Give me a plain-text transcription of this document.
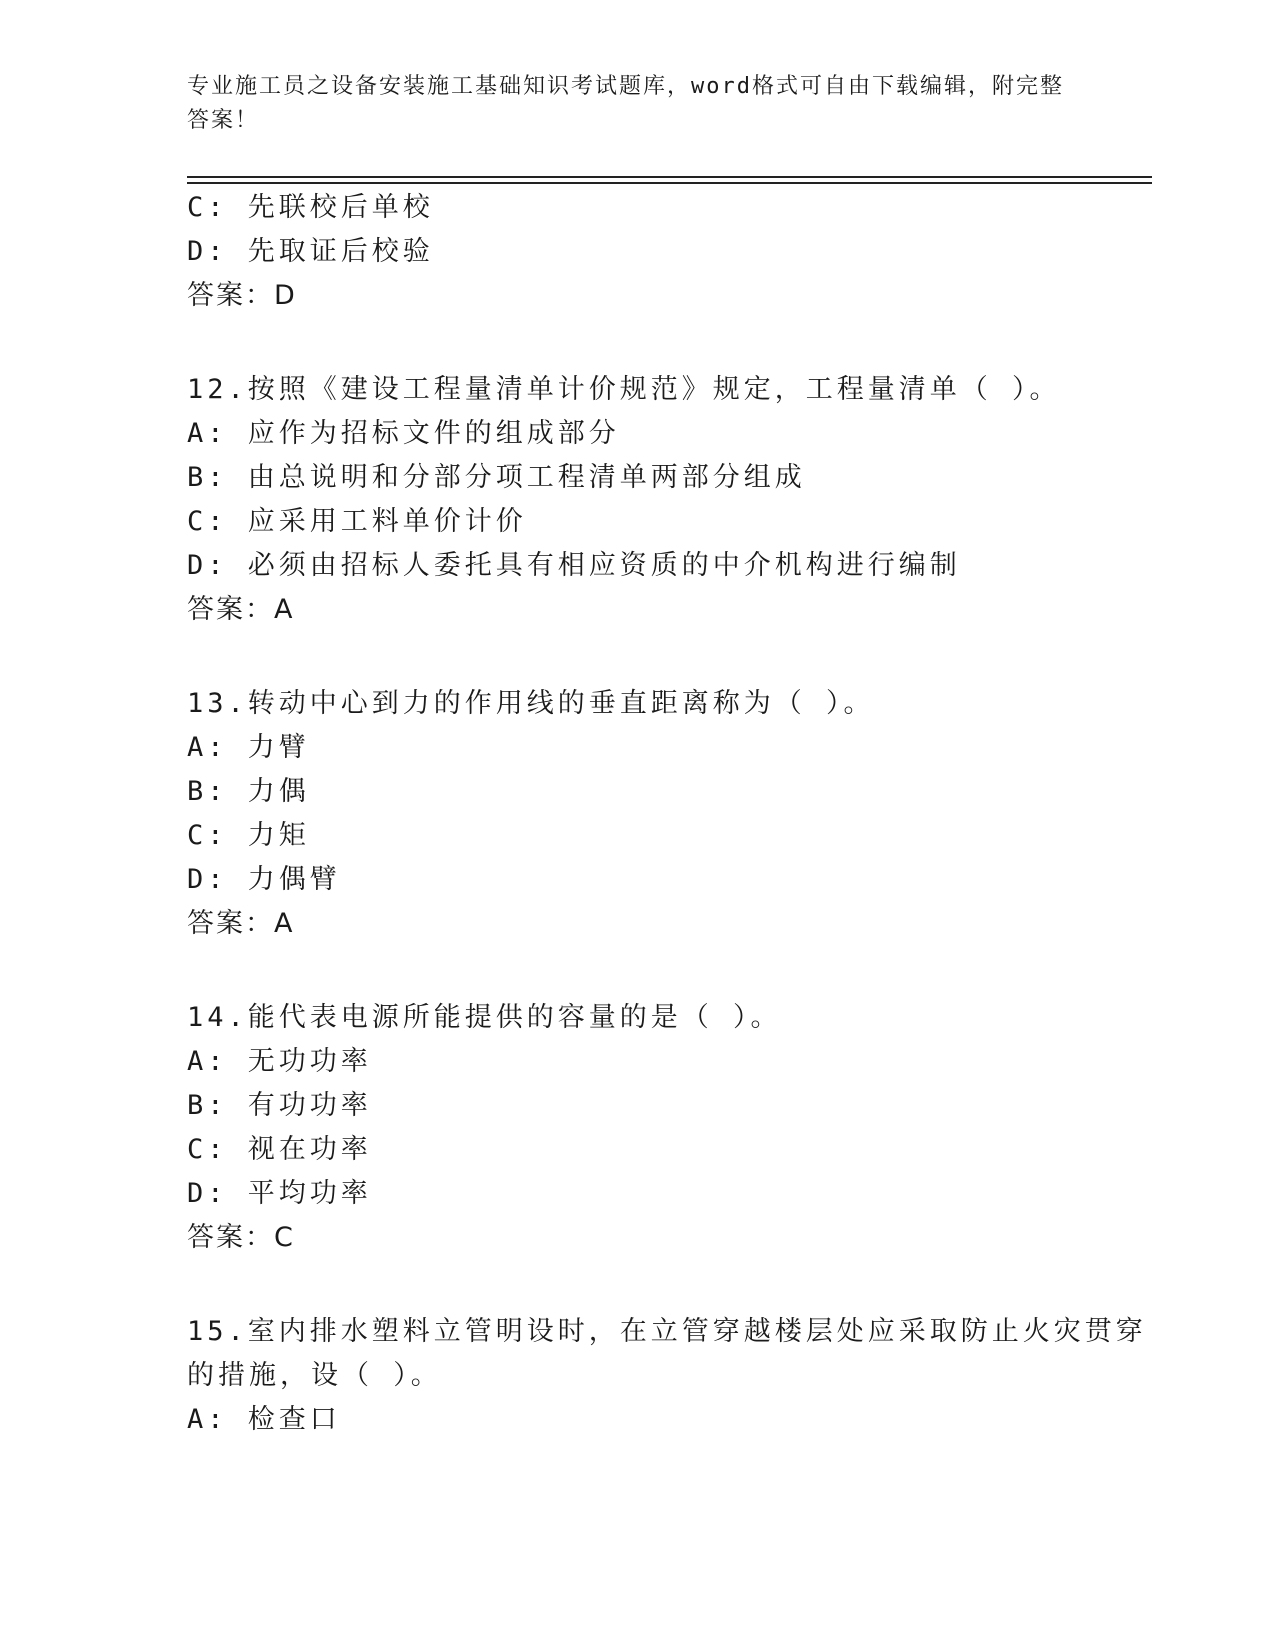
专业施工员之设备安装施工基础知识考试题库，word格式可自由下载编辑，附完整答案！
C: 先联校后单校
D: 先取证后校验
答案：D
12.按照《建设工程量清单计价规范》规定，工程量清单（ ）。
A: 应作为招标文件的组成部分
B: 由总说明和分部分项工程清单两部分组成
C: 应采用工料单价计价
D: 必须由招标人委托具有相应资质的中介机构进行编制
答案：A
13.转动中心到力的作用线的垂直距离称为（ ）。
A: 力臂
B: 力偶
C: 力矩
D: 力偶臂
答案：A
14.能代表电源所能提供的容量的是（ ）。
A: 无功功率
B: 有功功率
C: 视在功率
D: 平均功率
答案：C
15.室内排水塑料立管明设时，在立管穿越楼层处应采取防止火灾贯穿
的措施，设（ ）。
A: 检查口
